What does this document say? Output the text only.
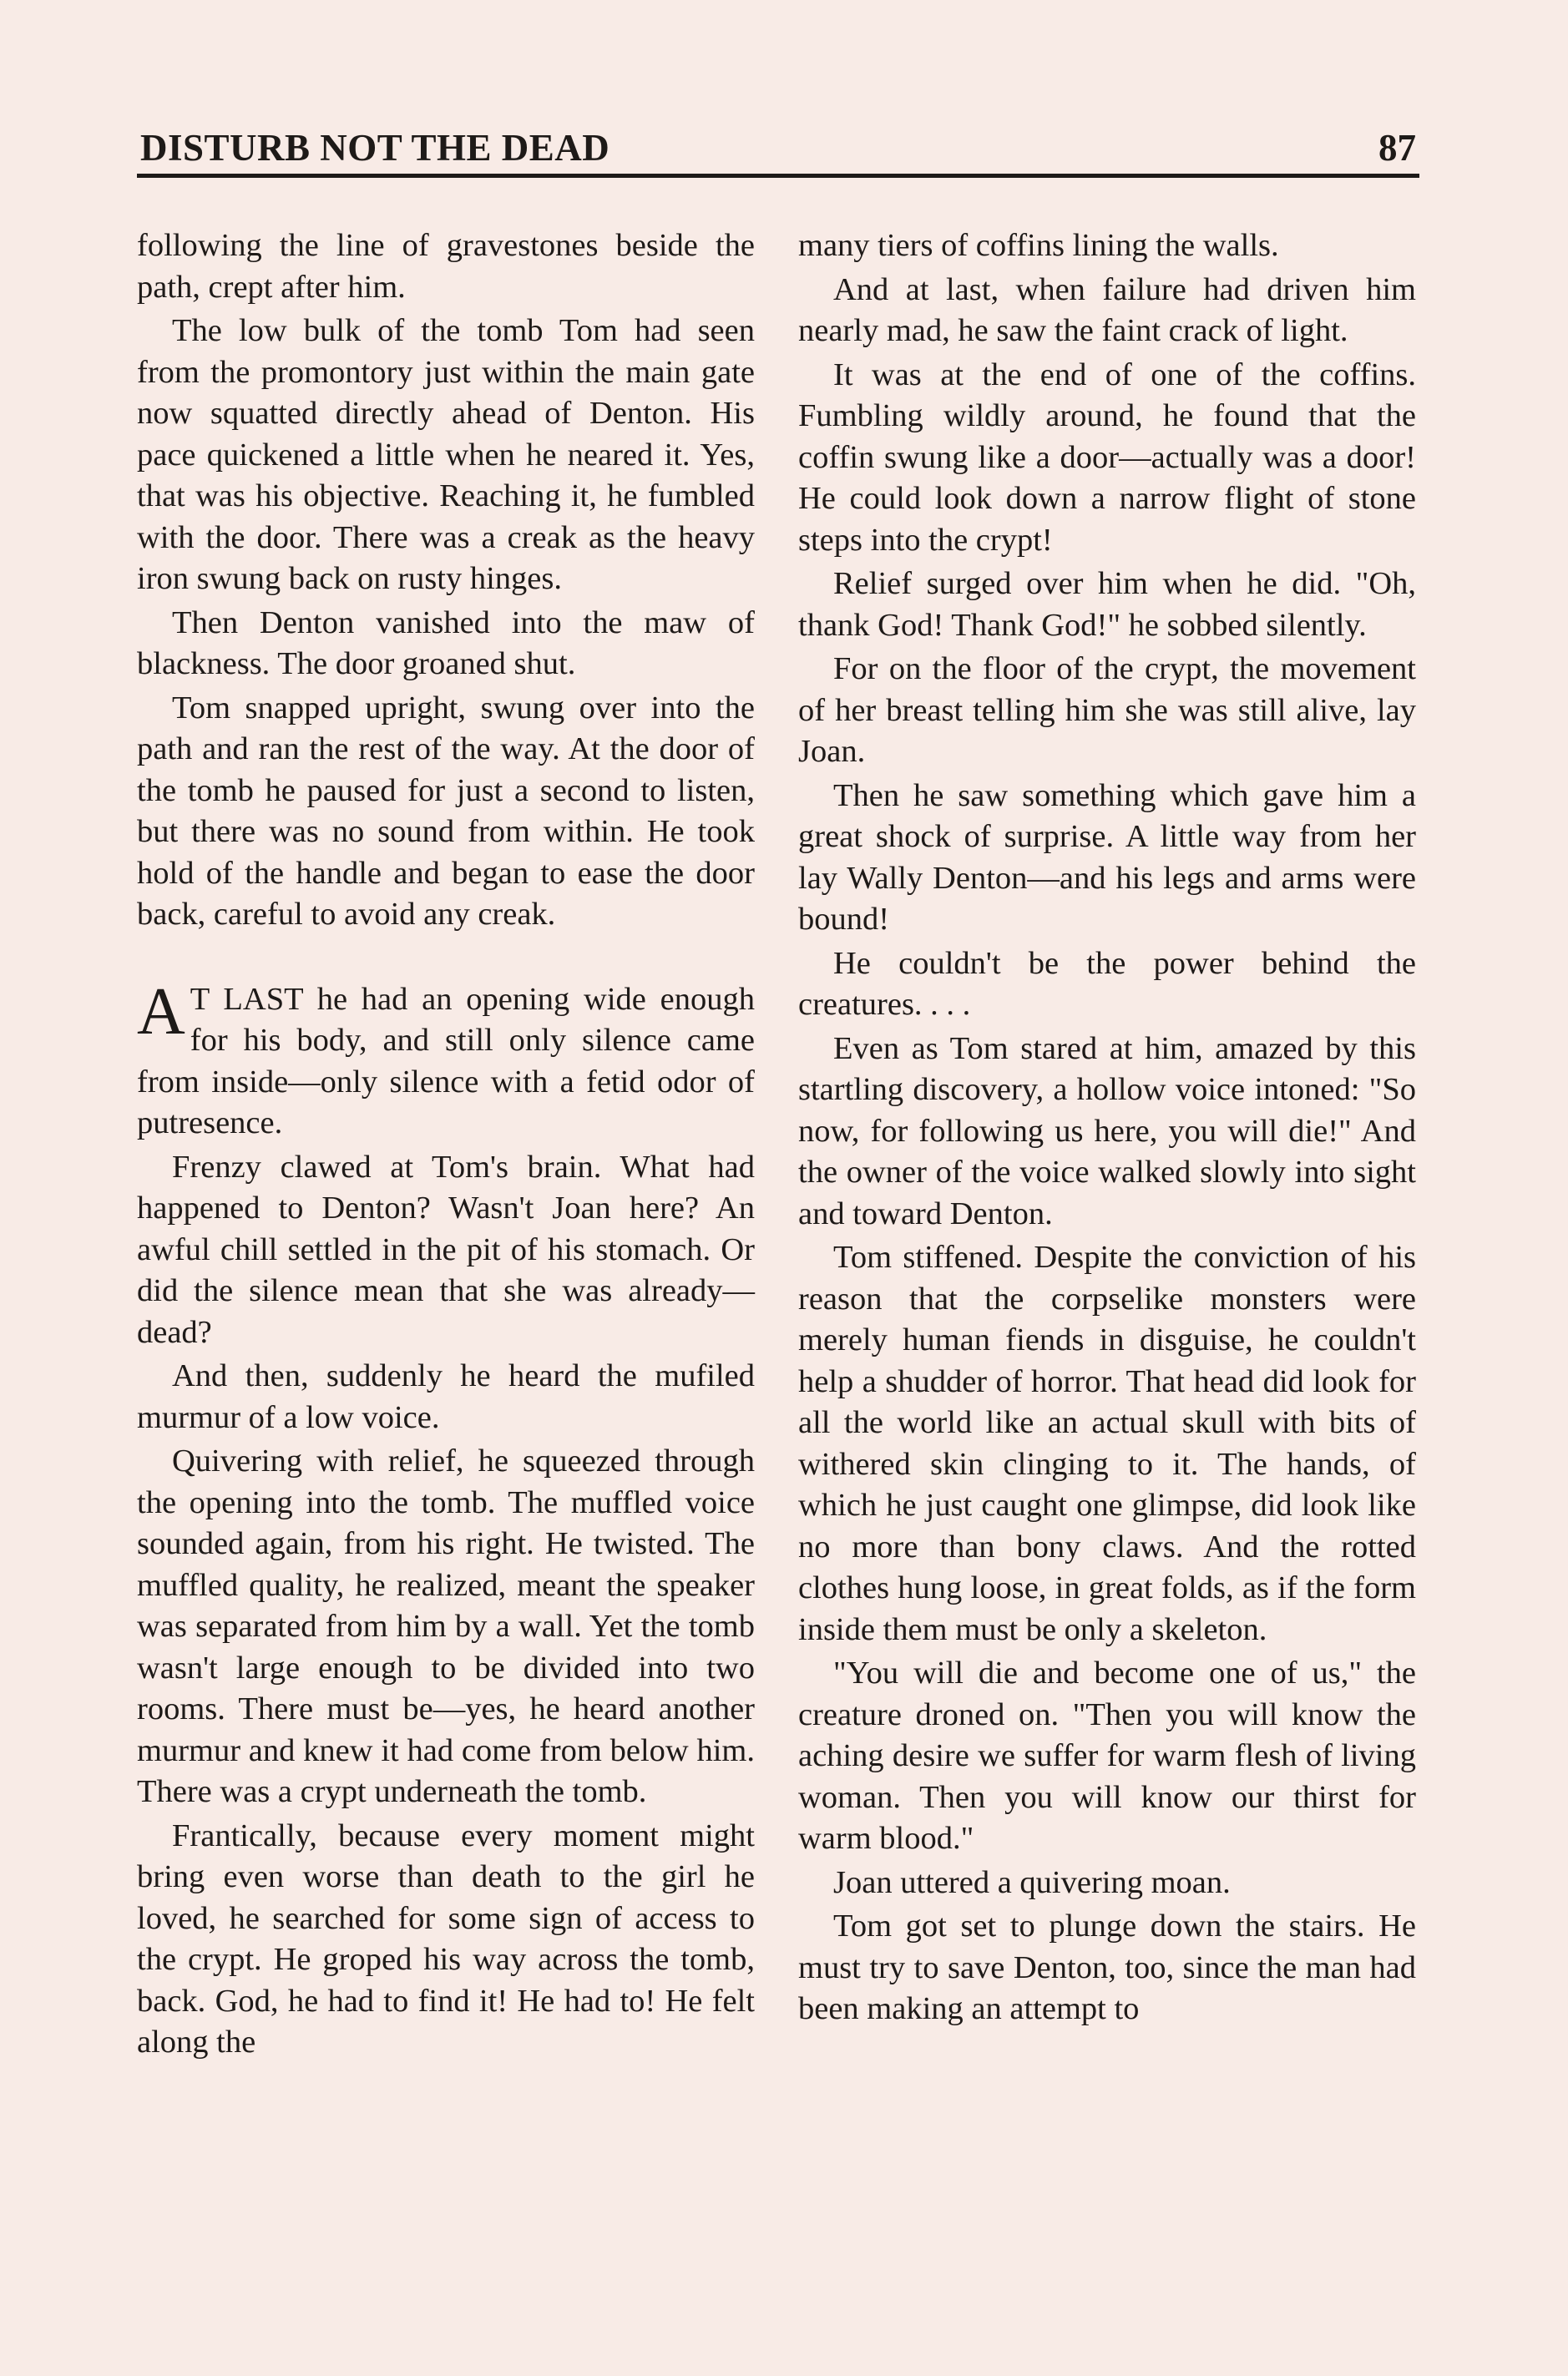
DISTURB NOT THE DEAD	87

following the line of gravestones beside the path, crept after him.

The low bulk of the tomb Tom had seen from the promontory just within the main gate now squatted directly ahead of Denton. His pace quickened a little when he neared it. Yes, that was his objective. Reaching it, he fumbled with the door. There was a creak as the heavy iron swung back on rusty hinges.

Then Denton vanished into the maw of blackness. The door groaned shut.

Tom snapped upright, swung over into the path and ran the rest of the way. At the door of the tomb he paused for just a second to listen, but there was no sound from within. He took hold of the handle and began to ease the door back, careful to avoid any creak.

A T LAST he had an opening wide enough for his body, and still only silence came from inside—only silence with a fetid odor of putresence.

Frenzy clawed at Tom's brain. What had happened to Denton? Wasn't Joan here? An awful chill settled in the pit of his stomach. Or did the silence mean that she was already—dead?

And then, suddenly he heard the mufiled murmur of a low voice.

Quivering with relief, he squeezed through the opening into the tomb. The muffled voice sounded again, from his right. He twisted. The muffled quality, he realized, meant the speaker was separated from him by a wall. Yet the tomb wasn't large enough to be divided into two rooms. There must be—yes, he heard another murmur and knew it had come from below him. There was a crypt underneath the tomb.

Frantically, because every moment might bring even worse than death to the girl he loved, he searched for some sign of access to the crypt. He groped his way across the tomb, back. God, he had to find it! He had to! He felt along the

many tiers of coffins lining the walls.

And at last, when failure had driven him nearly mad, he saw the faint crack of light.

It was at the end of one of the coffins. Fumbling wildly around, he found that the coffin swung like a door—actually was a door! He could look down a narrow flight of stone steps into the crypt!

Relief surged over him when he did. "Oh, thank God! Thank God!" he sobbed silently.

For on the floor of the crypt, the movement of her breast telling him she was still alive, lay Joan.

Then he saw something which gave him a great shock of surprise. A little way from her lay Wally Denton—and his legs and arms were bound!

He couldn't be the power behind the creatures. . . .

Even as Tom stared at him, amazed by this startling discovery, a hollow voice intoned: "So now, for following us here, you will die!" And the owner of the voice walked slowly into sight and toward Denton.

Tom stiffened. Despite the conviction of his reason that the corpselike monsters were merely human fiends in disguise, he couldn't help a shudder of horror. That head did look for all the world like an actual skull with bits of withered skin clinging to it. The hands, of which he just caught one glimpse, did look like no more than bony claws. And the rotted clothes hung loose, in great folds, as if the form inside them must be only a skeleton.

"You will die and become one of us," the creature droned on. "Then you will know the aching desire we suffer for warm flesh of living woman. Then you will know our thirst for warm blood."

Joan uttered a quivering moan.

Tom got set to plunge down the stairs. He must try to save Denton, too, since the man had been making an attempt to
